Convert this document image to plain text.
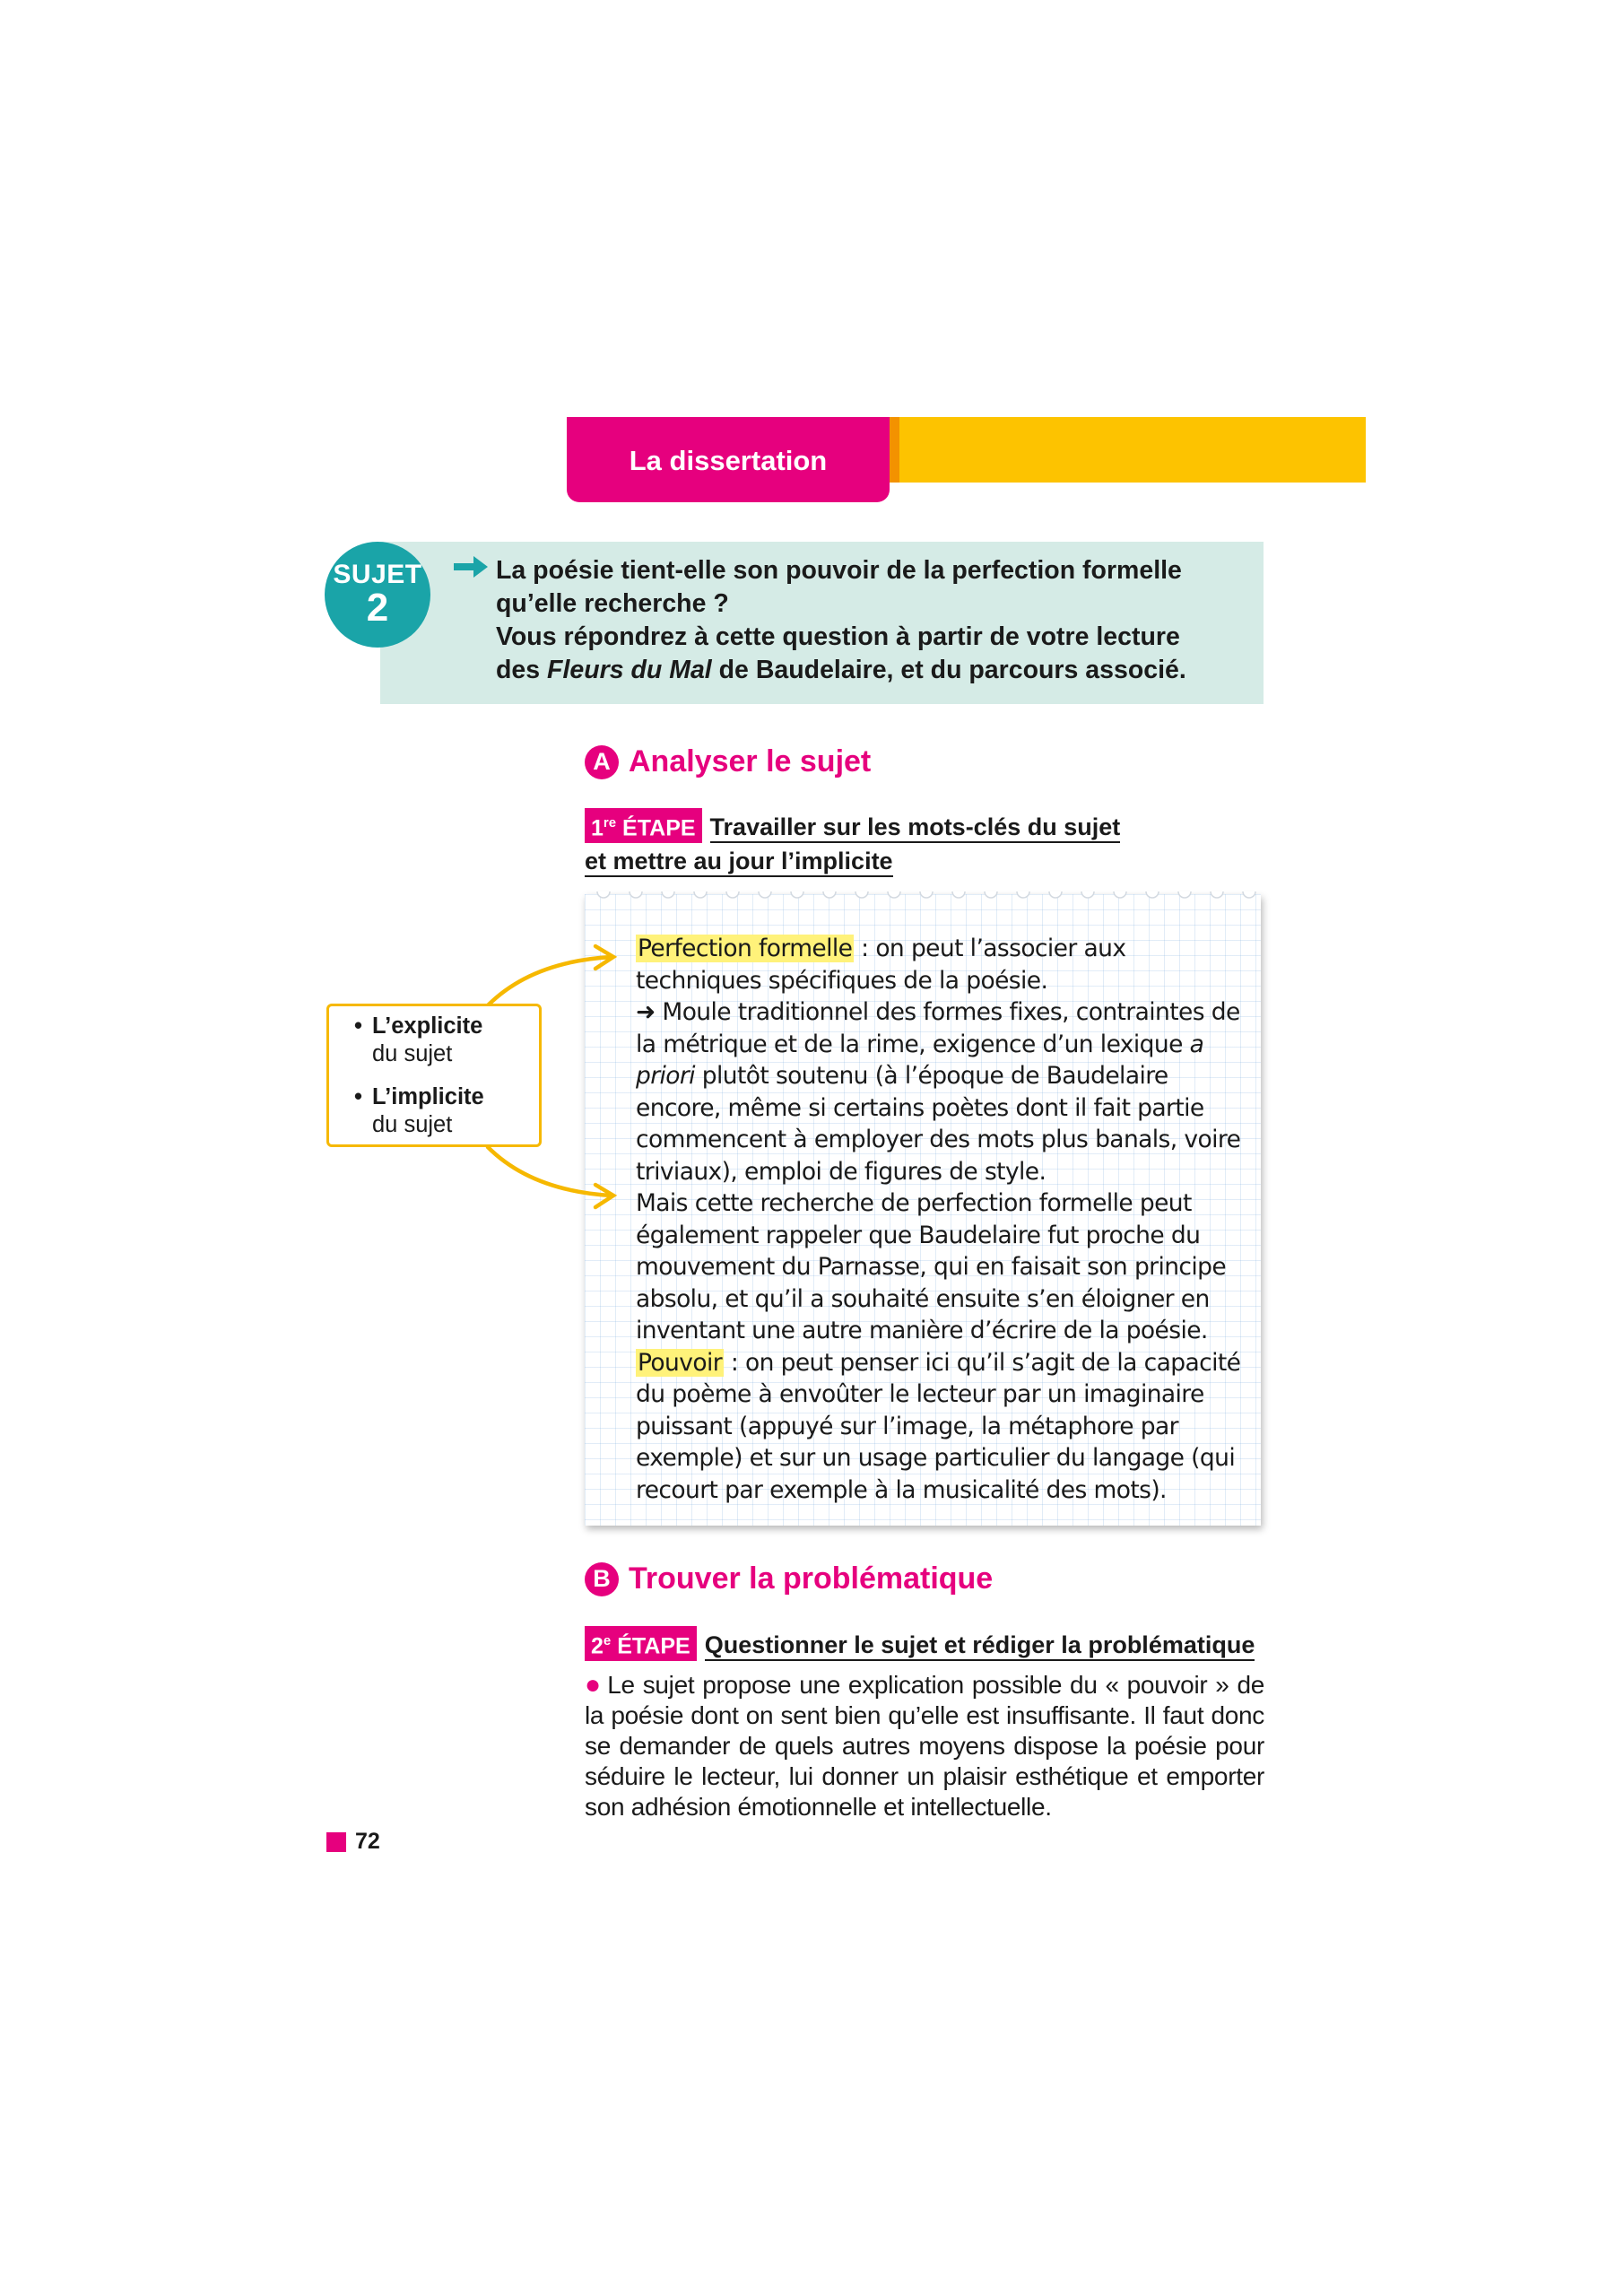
La dissertation
SUJET
2

La poésie tient-elle son pouvoir de la perfection formelle

qu’elle recherche ?

Vous répondrez à cette question à partir de votre lecture

des Fleurs du Mal de Baudelaire, et du parcours associé.

A Analyser le sujet
1re ÉTAPE Travailler sur les mots-clés du sujet
et mettre au jour l’implicite

Perfection formelle : on peut l’associer aux techniques spécifiques de la poésie.

➜ Moule traditionnel des formes fixes, contraintes de la métrique et de la rime, exigence d’un lexique a priori plutôt soutenu (à l’époque de Baudelaire encore, même si certains poètes dont il fait partie commencent à employer des mots plus banals, voire triviaux), emploi de figures de style.

Mais cette recherche de perfection formelle peut également rappeler que Baudelaire fut proche du mouvement du Parnasse, qui en faisait son principe absolu, et qu’il a souhaité ensuite s’en éloigner en inventant une autre manière d’écrire de la poésie.

Pouvoir : on peut penser ici qu’il s’agit de la capacité du poème à envoûter le lecteur par un imaginaire puissant (appuyé sur l’image, la métaphore par exemple) et sur un usage particulier du langage (qui recourt par exemple à la musicalité des mots).

• L’explicite
du sujet
• L’implicite
du sujet
B Trouver la problématique
2e ÉTAPE Questionner le sujet et rédiger la problématique

● Le sujet propose une explication possible du « pouvoir » de la poésie dont on sent bien qu’elle est insuffisante. Il faut donc se demander de quels autres moyens dispose la poésie pour séduire le lecteur, lui donner un plaisir esthétique et emporter son adhésion émotionnelle et intellectuelle.

72
